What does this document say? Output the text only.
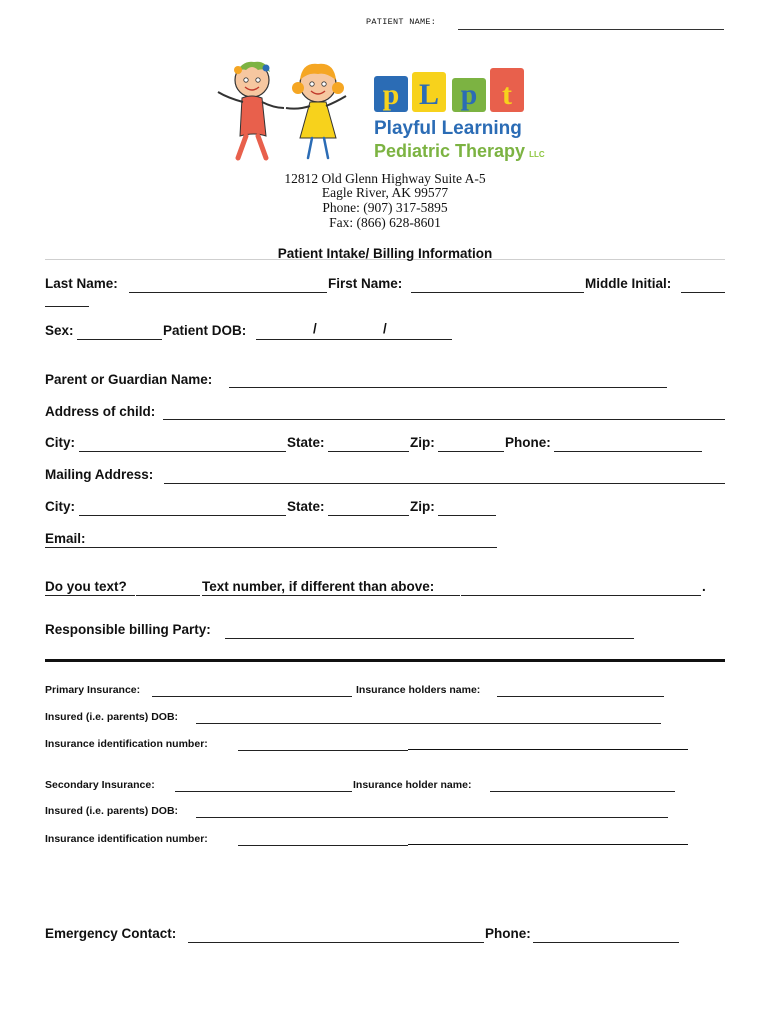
PATIENT NAME:
p L p t
Playful Learning
Pediatric Therapy LLC
12812 Old Glenn Highway Suite A-5
Eagle River, AK 99577
Phone: (907) 317-5895
Fax: (866) 628-8601
Patient Intake/ Billing Information
Last Name:	First Name:	Middle Initial:
Sex:	Patient DOB:	/	/
Parent or Guardian Name:
Address of child:
City:	State:	Zip:	Phone:
Mailing Address:
City:	State:	Zip:
Email:
Do you text?	Text number, if different than above:	.
Responsible billing Party:
Primary Insurance:	Insurance holders name:
Insured (i.e. parents) DOB:
Insurance identification number:
Secondary Insurance:	Insurance holder name:
Insured (i.e. parents) DOB:
Insurance identification number:
Emergency Contact:	Phone:
